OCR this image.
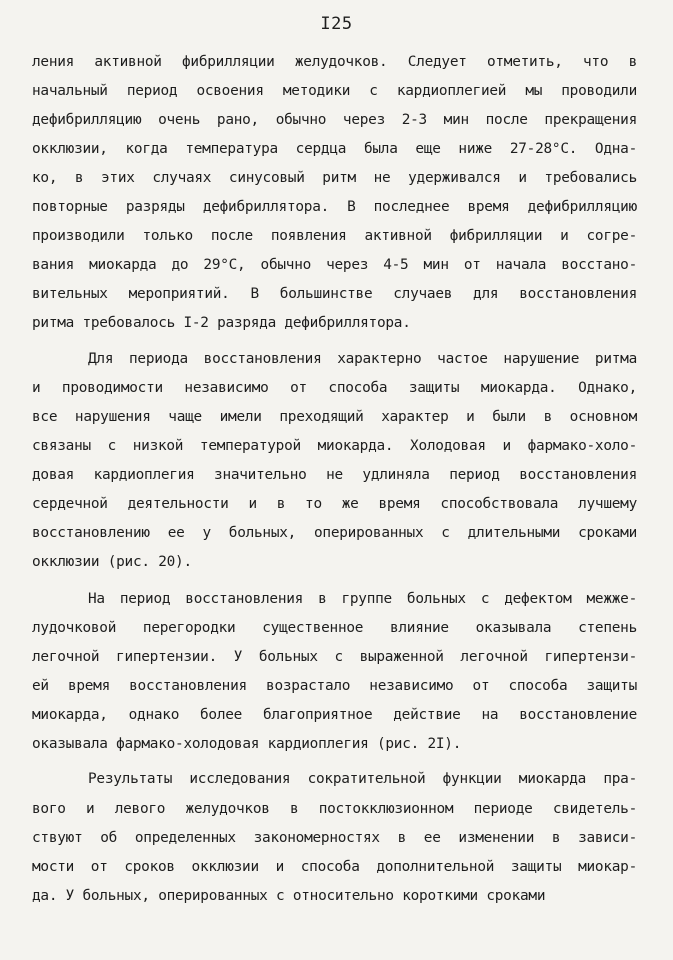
I25
ления активной фибрилляции желудочков. Следует отметить, что в
начальный период освоения методики с кардиоплегией мы проводили
дефибрилляцию очень рано, обычно через 2-3 мин после прекращения
окклюзии, когда температура сердца была еще ниже 27-28°С. Одна-
ко, в этих случаях синусовый ритм не удерживался и требовались
повторные разряды дефибриллятора. В последнее время дефибрилляцию
производили только после появления активной фибрилляции и согре-
вания миокарда до 29°С, обычно через 4-5 мин от начала восстано-
вительных мероприятий. В большинстве случаев для восстановления
ритма требовалось I-2 разряда дефибриллятора.
Для периода восстановления характерно частое нарушение ритма
и проводимости независимо от способа защиты миокарда. Однако,
все нарушения чаще имели преходящий характер и были в основном
связаны с низкой температурой миокарда. Холодовая и фармако-холо-
довая кардиоплегия значительно не удлиняла период восстановления
сердечной деятельности и в то же время способствовала лучшему
восстановлению ее у больных, оперированных с длительными сроками
окклюзии (рис. 20).
На период восстановления в группе больных с дефектом межже-
лудочковой перегородки существенное влияние оказывала степень
легочной гипертензии. У больных с выраженной легочной гипертензи-
ей время восстановления возрастало независимо от способа защиты
миокарда, однако более благоприятное действие на восстановление
оказывала фармако-холодовая кардиоплегия (рис. 2I).
Результаты исследования сократительной функции миокарда пра-
вого и левого желудочков в постокклюзионном периоде свидетель-
ствуют об определенных закономерностях в ее изменении в зависи-
мости от сроков окклюзии и способа дополнительной защиты миокар-
да. У больных, оперированных с относительно короткими сроками
